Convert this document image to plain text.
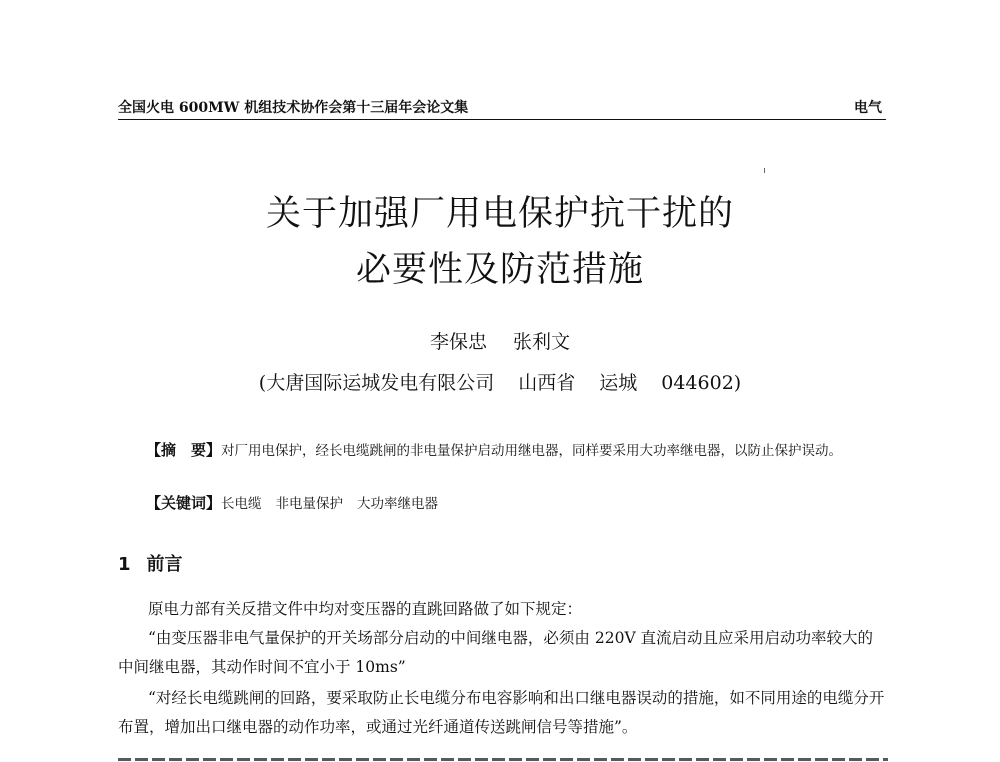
全国火电 600MW 机组技术协作会第十三届年会论文集	电气
关于加强厂用电保护抗干扰的
必要性及防范措施
李保忠 张利文
(大唐国际运城发电有限公司 山西省 运城 044602)
【摘　要】对厂用电保护，经长电缆跳闸的非电量保护启动用继电器，同样要采用大功率继电器，以防止保护误动。
【关键词】长电缆 非电量保护 大功率继电器
1 前言
原电力部有关反措文件中均对变压器的直跳回路做了如下规定：
“由变压器非电气量保护的开关场部分启动的中间继电器，必须由 220V 直流启动且应采用启动功率较大的中间继电器，其动作时间不宜小于 10ms”
“对经长电缆跳闸的回路，要采取防止长电缆分布电容影响和出口继电器误动的措施，如不同用途的电缆分开布置，增加出口继电器的动作功率，或通过光纤通道传送跳闸信号等措施”。
